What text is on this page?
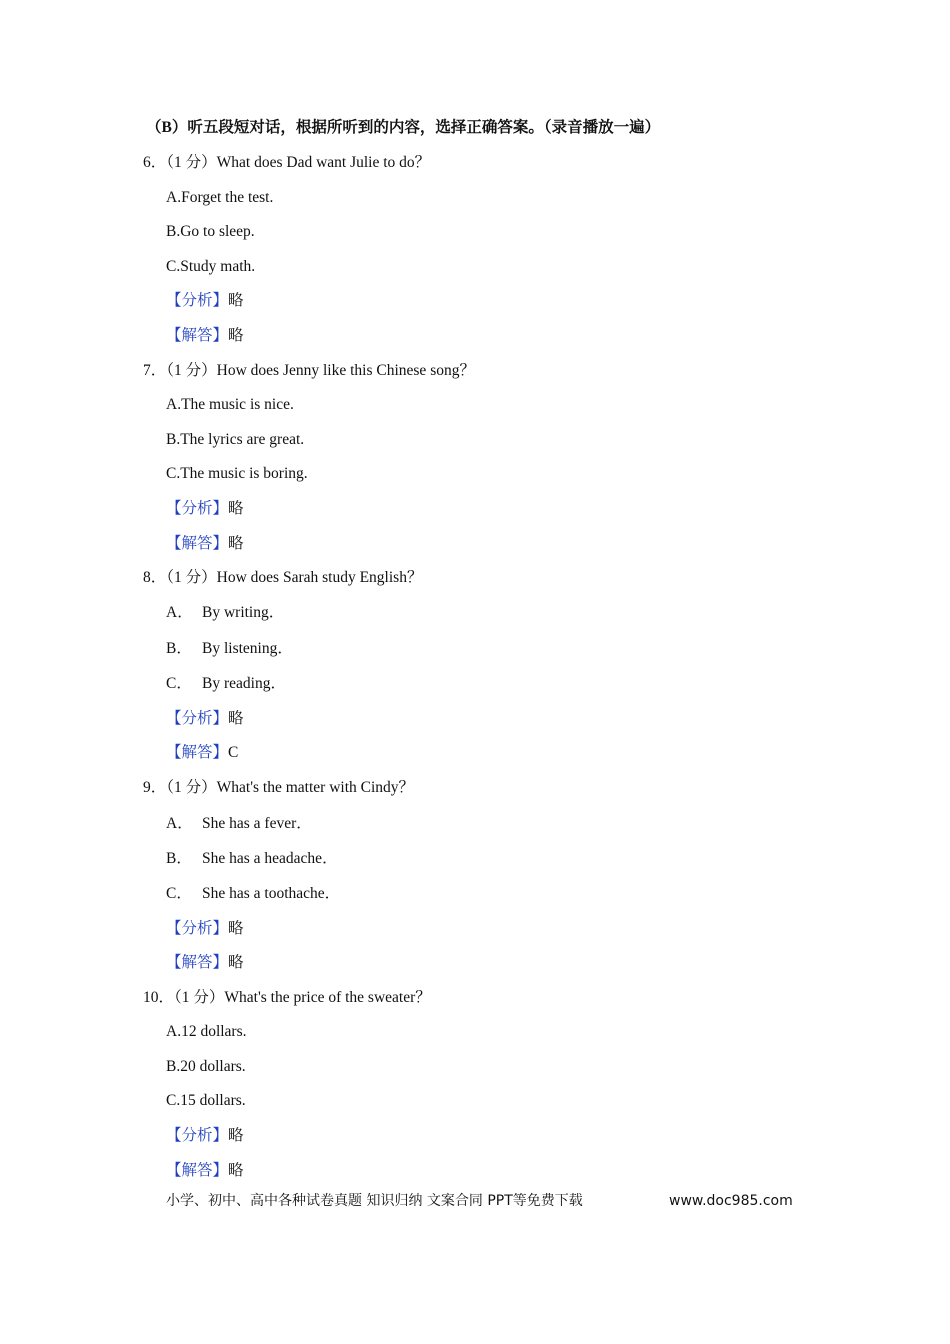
（B）听五段短对话，根据所听到的内容，选择正确答案。（录音播放一遍）
6．（1 分）What does Dad want Julie to do？
A.Forget the test.
B.Go to sleep.
C.Study math.
【分析】略
【解答】略
7．（1 分）How does Jenny like this Chinese song？
A.The music is nice.
B.The lyrics are great.
C.The music is boring.
【分析】略
【解答】略
8．（1 分）How does Sarah study English？
A． By writing．
B． By listening．
C． By reading．
【分析】略
【解答】C
9．（1 分）What's the matter with Cindy？
A． She has a fever．
B． She has a headache．
C． She has a toothache．
【分析】略
【解答】略
10．（1 分）What's the price of the sweater？
A.12 dollars.
B.20 dollars.
C.15 dollars.
【分析】略
【解答】略
小学、初中、高中各种试卷真题 知识归纳 文案合同 PPT等免费下载	www.doc985.com
